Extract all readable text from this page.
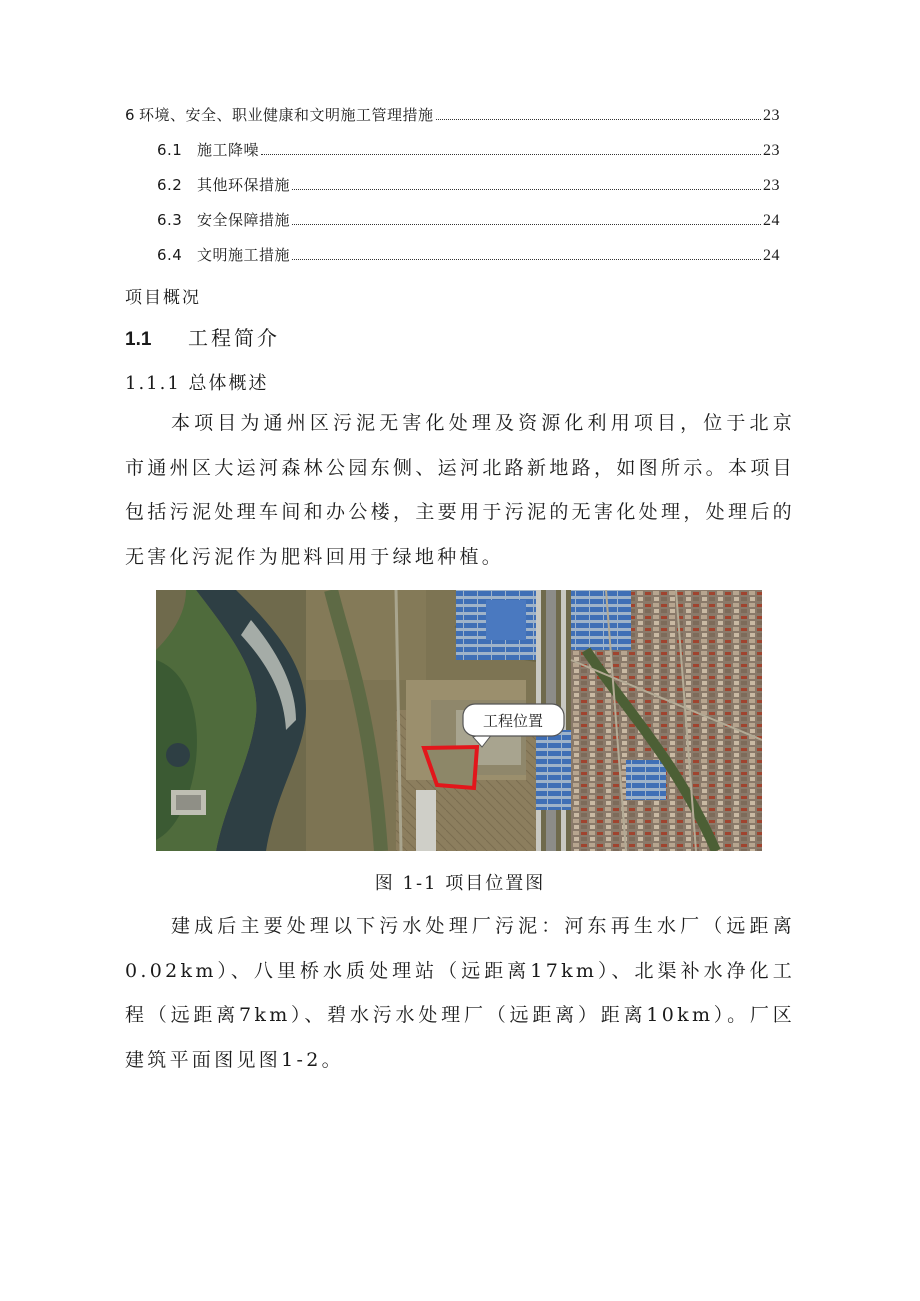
6 环境、安全、职业健康和文明施工管理措施	23
6.1 施工降噪	23
6.2 其他环保措施	23
6.3 安全保障措施	24
6.4 文明施工措施	24
项目概况
1.1	工程简介
1.1.1 总体概述

本项目为通州区污泥无害化处理及资源化利用项目，位于北京市通州区大运河森林公园东侧、运河北路新地路，如图所示。本项目包括污泥处理车间和办公楼，主要用于污泥的无害化处理，处理后的无害化污泥作为肥料回用于绿地种植。

工程位置
图 1-1 项目位置图

建成后主要处理以下污水处理厂污泥：河东再生水厂（远距离0.02km）、八里桥水质处理站（远距离17km）、北渠补水净化工程（远距离7km）、碧水污水处理厂（远距离）距离10km）。厂区建筑平面图见图1-2。
